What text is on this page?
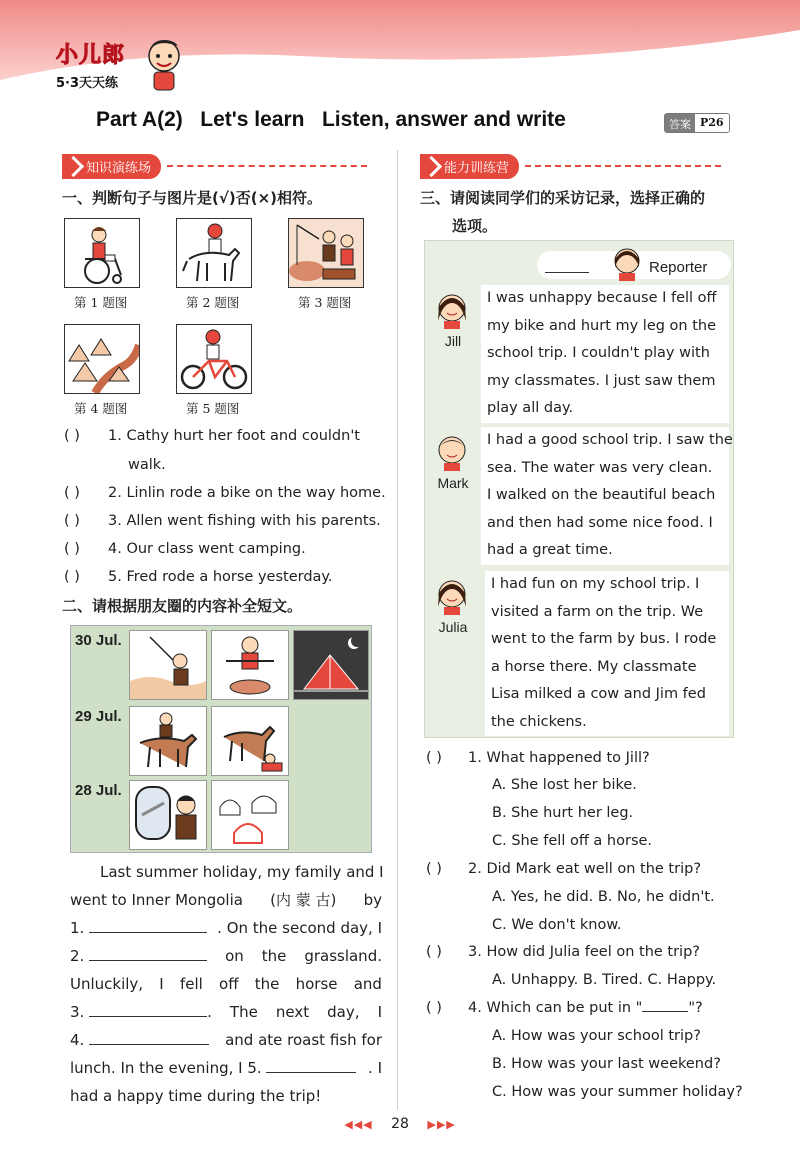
小儿郎
5·3天天练
Part A(2)   Let's learn   Listen, answer and write	答案 P26
知识演练场
一、判断句子与图片是(√)否(×)相符。
第 1 题图	第 2 题图	第 3 题图
第 4 题图	第 5 题图
( ) 1. Cathy hurt her foot and couldn't
walk.
( ) 2. Linlin rode a bike on the way home.
( ) 3. Allen went fishing with his parents.
( ) 4. Our class went camping.
( ) 5. Fred rode a horse yesterday.
二、请根据朋友圈的内容补全短文。
30 Jul.
29 Jul.
28 Jul.
Last summer holiday, my family and I
went to Inner Mongolia (内 蒙 古) by
1.	. On the second day, I
2.	on the grassland.
Unluckily, I fell off the horse and
3.	. The next day, I
4.	and ate roast fish for
lunch. In the evening, I 5.	. I
had a happy time during the trip!
能力训练营
三、请阅读同学们的采访记录，选择正确的
选项。
Reporter
Jill
I was unhappy because I fell off
my bike and hurt my leg on the
school trip. I couldn't play with
my classmates. I just saw them
play all day.
Mark
I had a good school trip. I saw the
sea. The water was very clean.
I walked on the beautiful beach
and then had some nice food. I
had a great time.
Julia
I had fun on my school trip. I
visited a farm on the trip. We
went to the farm by bus. I rode
a horse there. My classmate
Lisa milked a cow and Jim fed
the chickens.
( ) 1. What happened to Jill?
A. She lost her bike.
B. She hurt her leg.
C. She fell off a horse.
( ) 2. Did Mark eat well on the trip?
A. Yes, he did. B. No, he didn't.
C. We don't know.
( ) 3. How did Julia feel on the trip?
A. Unhappy. B. Tired. C. Happy.
( ) 4. Which can be put in "	"?
A. How was your school trip?
B. How was your last weekend?
C. How was your summer holiday?
◀◀◀ 28 ▶▶▶
